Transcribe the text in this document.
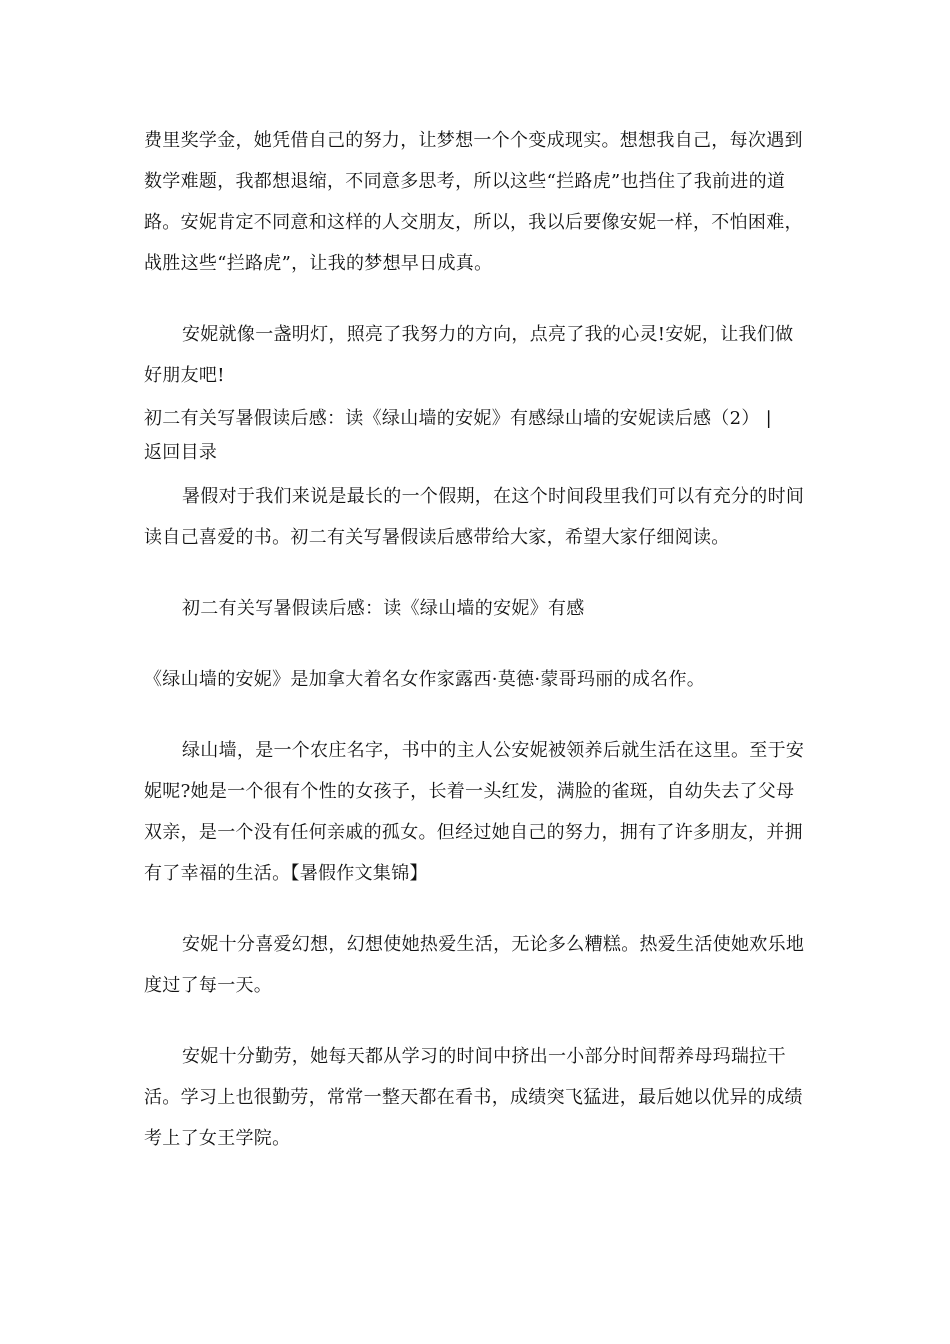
费里奖学金，她凭借自己的努力，让梦想一个个变成现实。想想我自己，每次遇到数学难题，我都想退缩，不同意多思考，所以这些“拦路虎”也挡住了我前进的道路。安妮肯定不同意和这样的人交朋友，所以，我以后要像安妮一样，不怕困难，战胜这些“拦路虎”，让我的梦想早日成真。

安妮就像一盏明灯，照亮了我努力的方向，点亮了我的心灵!安妮，让我们做好朋友吧!

初二有关写暑假读后感：读《绿山墙的安妮》有感绿山墙的安妮读后感（2） |

返回目录

暑假对于我们来说是最长的一个假期，在这个时间段里我们可以有充分的时间读自己喜爱的书。初二有关写暑假读后感带给大家，希望大家仔细阅读。

初二有关写暑假读后感：读《绿山墙的安妮》有感

《绿山墙的安妮》是加拿大着名女作家露西·莫德·蒙哥玛丽的成名作。

绿山墙，是一个农庄名字，书中的主人公安妮被领养后就生活在这里。至于安妮呢?她是一个很有个性的女孩子，长着一头红发，满脸的雀斑，自幼失去了父母双亲，是一个没有任何亲戚的孤女。但经过她自己的努力，拥有了许多朋友，并拥有了幸福的生活。【暑假作文集锦】

安妮十分喜爱幻想，幻想使她热爱生活，无论多么糟糕。热爱生活使她欢乐地度过了每一天。

安妮十分勤劳，她每天都从学习的时间中挤出一小部分时间帮养母玛瑞拉干活。学习上也很勤劳，常常一整天都在看书，成绩突飞猛进，最后她以优异的成绩考上了女王学院。
